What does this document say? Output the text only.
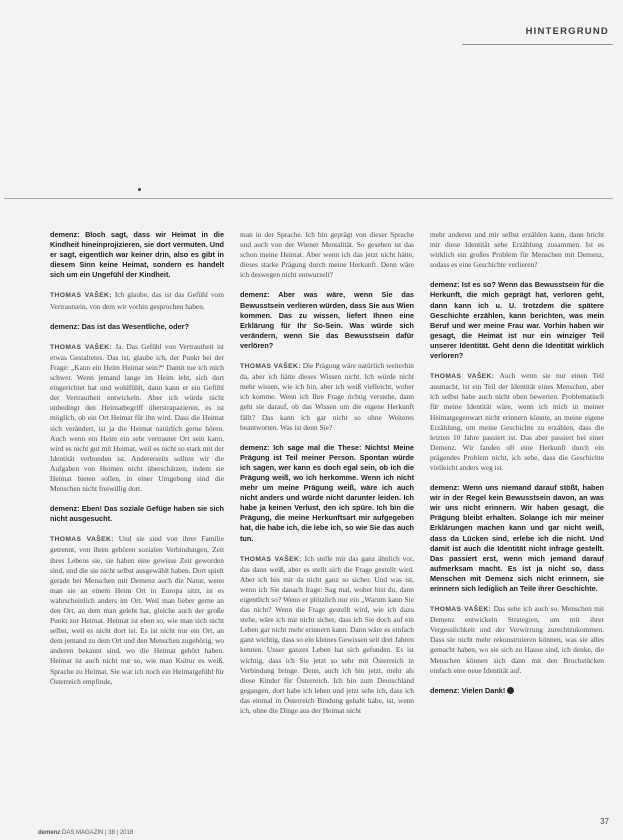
HINTERGRUND

demenz: Bloch sagt, dass wir Heimat in die Kindheit hineinprojizieren, sie dort vermuten. Und er sagt, eigentlich war keiner drin, also es gibt in diesem Sinn keine Heimat, sondern es handelt sich um ein Ungefühl der Kindheit.

THOMAS VAŠEK: Ich glaube, das ist das Gefühl vom Vertrautsein, von dem wir vorhin gesprochen haben.

demenz: Das ist das Wesentliche, oder?

THOMAS VAŠEK: Ja. Das Gefühl von Vertrautheit ist etwas Gestaltetes. Das ist, glaube ich, der Punkt bei der Frage: „Kann ein Heim Heimat sein?“ Damit tue ich mich schwer. Wenn jemand lange im Heim lebt, sich dort eingerichtet hat und wohlfühlt, dann kann er ein Gefühl der Vertrautheit entwickeln. Aber ich würde nicht unbedingt den Heimatbegriff überstrapazieren, es ist möglich, ob ein Ort Heimat für ihn wird. Dass die Heimat sich verändert, ist ja die Heimat natürlich gerne hören. Auch wenn ein Heim ein sehr vertrauter Ort sein kann, wird es nicht gut mit Heimat, weil es nicht so stark mit der Identität verbunden ist. Andererseits sollten wir die Aufgaben von Heimen nicht überschätzen, indem sie Heimat bieten sollen, in einer Umgebung sind die Menschen nicht freiwillig dort.

demenz: Eben! Das soziale Gefüge haben sie sich nicht ausgesucht.

THOMAS VAŠEK: Und sie sind von ihrer Familie getrennt, von ihren gehören sozialen Verbindungen, Zeit ihres Lebens sie, sie haben eine gewisse Zeit geworden sind, und die sie nicht selbst ausgewählt haben. Dort spielt gerade bei Menschen mit Demenz auch die Natur, wenn man sie an einem Heim Ort in Europa sitzt, ist es wahrscheinlich anders im Ort. Weil man lieber gerne an den Ort, an dem man gelebt hat, gleiche auch der große Punkt zur Heimat. Heimat ist eben so, wie man sich nicht selbst, weil es nicht dort ist. Es ist nicht nur ein Ort, an dem jemand zu dem Ort und den Menschen zugehörig, wo anderen bekannt sind, wo die Heimat gehört haben. Heimat ist auch nicht nur so, wie man Kultur es weiß. Sprache zu Heimat. Sie war ich noch ein Heimatgefühl für Österreich empfinde,

man in der Sprache. Ich bin geprägt von dieser Sprache und auch von der Wiener Mentalität. So gesehen ist das schon meine Heimat. Aber wenn ich das jetzt nicht hätte, dieses starke Prägung durch meine Herkunft. Denn wäre ich deswegen nicht entwurzelt?

demenz: Aber was wäre, wenn Sie das Bewusstsein verlieren würden, dass Sie aus Wien kommen. Das zu wissen, liefert Ihnen eine Erklärung für Ihr So-Sein. Was würde sich verändern, wenn Sie das Bewusstsein dafür verlören?

THOMAS VAŠEK: Die Prägung wäre natürlich weiterhin da, aber ich hätte dieses Wissen nicht. Ich würde nicht mehr wissen, wie ich bin, aber ich weiß vielleicht, woher ich komme. Wenn ich Ihre Frage richtig verstehe, dann geht sie darauf, ob das Wissen um die eigene Herkunft fällt? Das kann ich gar nicht so ohne Weiteres beantworten. Was ist denn Sie?

demenz: Ich sage mal die These: Nichts! Meine Prägung ist Teil meiner Person. Spontan würde ich sagen, wer kann es doch egal sein, ob ich die Prägung weiß, wo ich herkomme. Wenn ich nicht mehr um meine Prägung weiß, wäre ich auch nicht anders und würde nicht darunter leiden. Ich habe ja keinen Verlust, den ich spüre. Ich bin die Prägung, die meine Herkunftsart mir aufgegeben hat, die habe ich, die lebe ich, so wie Sie das auch tun.

THOMAS VAŠEK: Ich stelle mir das ganz ähnlich vor, das dann weiß, aber es stellt sich die Frage gestellt wird. Aber ich bin mir da nicht ganz so sicher. Und was ist, wenn ich Sie danach frage: Sag mal, woher bist du, dann eigentlich so? Wenn er plötzlich nur ein „Warum kann Sie das nicht? Wenn die Frage gestellt wird, wie ich dazu stehe, wäre ich mir nicht sicher, dass ich Sie doch auf ein Leben gar nicht mehr erinnern kann. Dann wäre es einfach ganz wichtig, dass so ein kleines Gewissen seit drei Jahren kennen. Unser ganzes Leben hat sich gefunden. Es ist wichtig, dass ich Sie jetzt so sehr mit Österreich in Verbindung bringe. Denn, auch ich bin jetzt, mehr als diese Kinder für Österreich. Ich bin zum Deutschland gegangen, dort habe ich leben und jetzt sehe ich, dass ich das einmal in Österreich Bindung gehabt habe, ist, wenn ich, ohne die Dinge aus der Heimat nicht

mehr anderen und mir selbst erzählen kann, dann bricht mir diese Identität sehe Erzählung zusammen. Ist es wirklich ein großes Problem für Menschen mit Demenz, sodass es eine Geschichte verlieren?

demenz: Ist es so? Wenn das Bewusstsein für die Herkunft, die mich geprägt hat, verloren geht, dann kann ich u. U. trotzdem die spätere Geschichte erzählen, kann berichten, was mein Beruf und wer meine Frau war. Vorhin haben wir gesagt, die Heimat ist nur ein winziger Teil unserer Identität. Geht denn die Identität wirklich verloren?

THOMAS VAŠEK: Auch wenn sie nur einen Teil ausmacht, ist ein Teil der Identität eines Menschen, aber ich selbst habe auch nicht oben bewerten. Problematisch für meine Identität wäre, wenn ich mich in meiner Heimatgegenwart nicht erinnern könnte, an meine eigene Erzählung, um meine Geschichte zu erzählen, dass die letzten 10 Jahre passiert ist. Das aber passiert bei einer Demenz. Wir fanden oft eine Herkunft durch ein prägendes Problem nicht, ich sehe, dass die Geschichte vielleicht anders weg ist.

demenz: Wenn uns niemand darauf stößt, haben wir in der Regel kein Bewusstsein davon, an was wir uns nicht erinnern. Wir haben gesagt, die Prägung bleibt erhalten. Solange ich mir meiner Erklärungen machen kann und gar nicht weiß, dass da Lücken sind, erlebe ich die nicht. Und damit ist auch die Identität nicht infrage gestellt. Das passiert erst, wenn mich jemand darauf aufmerksam macht. Es ist ja nicht so, dass Menschen mit Demenz sich nicht erinnern, sie erinnern sich lediglich an Teile ihrer Geschichte.

THOMAS VAŠEK: Das sehe ich auch so. Menschen mit Demenz entwickeln Strategien, um mit ihrer Vergesslichkeit und der Verwirrung zurechtzukommen. Dass sie nicht mehr rekonstruieren können, was sie alles gemacht haben, wo sie sich zu Hause sind, ich denke, die Menschen können sich dann mit den Bruchstücken einfach eine neue Identität auf.

demenz: Vielen Dank!

demenz DAS MAGAZIN | 38 | 2018
37
